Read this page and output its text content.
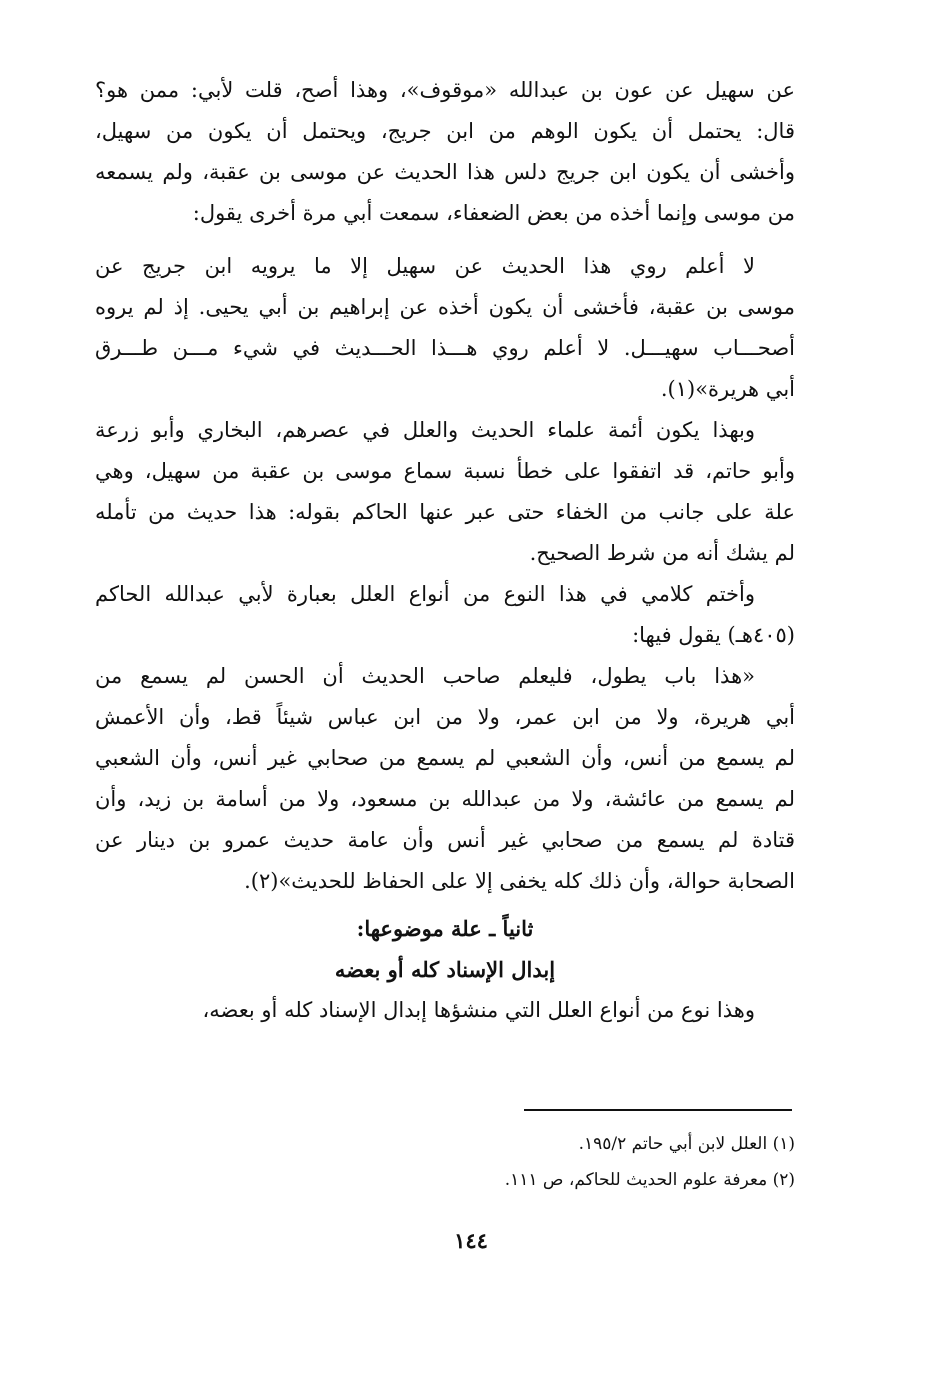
عن سهيل عن عون بن عبدالله «موقوف»، وهذا أصح، قلت لأبي: ممن هو؟
قال: يحتمل أن يكون الوهم من ابن جريج، ويحتمل أن يكون من سهيل،
وأخشى أن يكون ابن جريج دلس هذا الحديث عن موسى بن عقبة، ولم يسمعه
من موسى وإنما أخذه من بعض الضعفاء، سمعت أبي مرة أخرى يقول:
لا أعلم روي هذا الحديث عن سهيل إلا ما يرويه ابن جريج عن
موسى بن عقبة، فأخشى أن يكون أخذه عن إبراهيم بن أبي يحيى. إذ لم يروه
أصحـــاب سهيـــل. لا أعلم روي هـــذا الحـــديث في شيء مـــن طـــرق
أبي هريرة»(١).
وبهذا يكون أئمة علماء الحديث والعلل في عصرهم، البخاري وأبو زرعة
وأبو حاتم، قد اتفقوا على خطأ نسبة سماع موسى بن عقبة من سهيل، وهي
علة على جانب من الخفاء حتى عبر عنها الحاكم بقوله: هذا حديث من تأمله
لم يشك أنه من شرط الصحيح.
وأختم كلامي في هذا النوع من أنواع العلل بعبارة لأبي عبدالله الحاكم
(٤٠٥هـ) يقول فيها:
«هذا باب يطول، فليعلم صاحب الحديث أن الحسن لم يسمع من
أبي هريرة، ولا من ابن عمر، ولا من ابن عباس شيئاً قط، وأن الأعمش
لم يسمع من أنس، وأن الشعبي لم يسمع من صحابي غير أنس، وأن الشعبي
لم يسمع من عائشة، ولا من عبدالله بن مسعود، ولا من أسامة بن زيد، وأن
قتادة لم يسمع من صحابي غير أنس وأن عامة حديث عمرو بن دينار عن
الصحابة حوالة، وأن ذلك كله يخفى إلا على الحفاظ للحديث»(٢).
ثانياً ـ علة موضوعها:
إبدال الإسناد كله أو بعضه
وهذا نوع من أنواع العلل التي منشؤها إبدال الإسناد كله أو بعضه،
(١) العلل لابن أبي حاتم ١٩٥/٢.
(٢) معرفة علوم الحديث للحاكم، ص ١١١.
١٤٤
